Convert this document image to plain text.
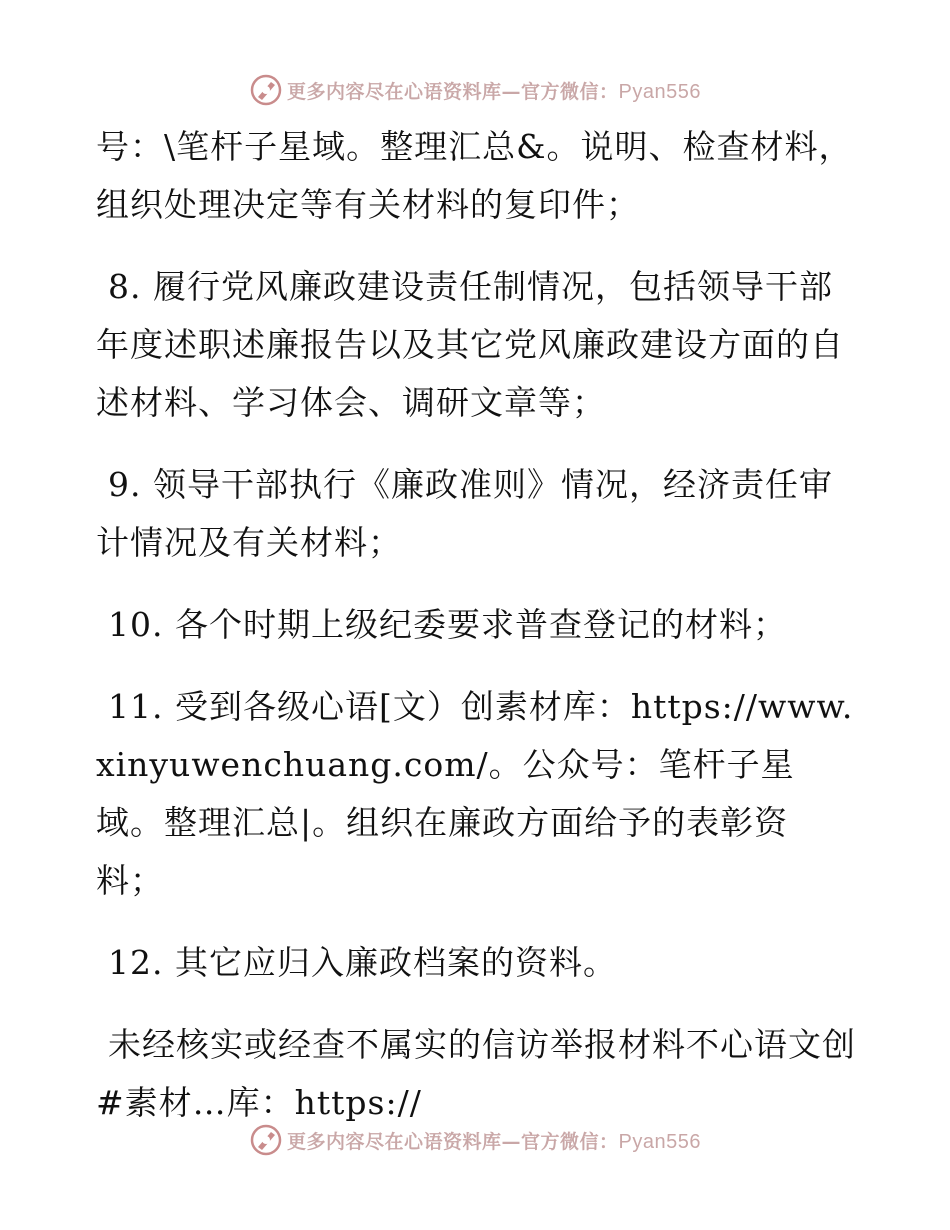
更多内容尽在心语资料库—官方微信：Pyan556

号：\笔杆子星域。整理汇总&。说明、检查材料，组织处理决定等有关材料的复印件；

8. 履行党风廉政建设责任制情况，包括领导干部年度述职述廉报告以及其它党风廉政建设方面的自述材料、学习体会、调研文章等；

9. 领导干部执行《廉政准则》情况，经济责任审计情况及有关材料；

10. 各个时期上级纪委要求普查登记的材料；

11. 受到各级心语[文）创素材库：https://www.xinyuwenchuang.com/。公众号：笔杆子星域。整理汇总|。组织在廉政方面给予的表彰资料；

12. 其它应归入廉政档案的资料。

未经核实或经查不属实的信访举报材料不心语文创#素材…库：https://

更多内容尽在心语资料库—官方微信：Pyan556
